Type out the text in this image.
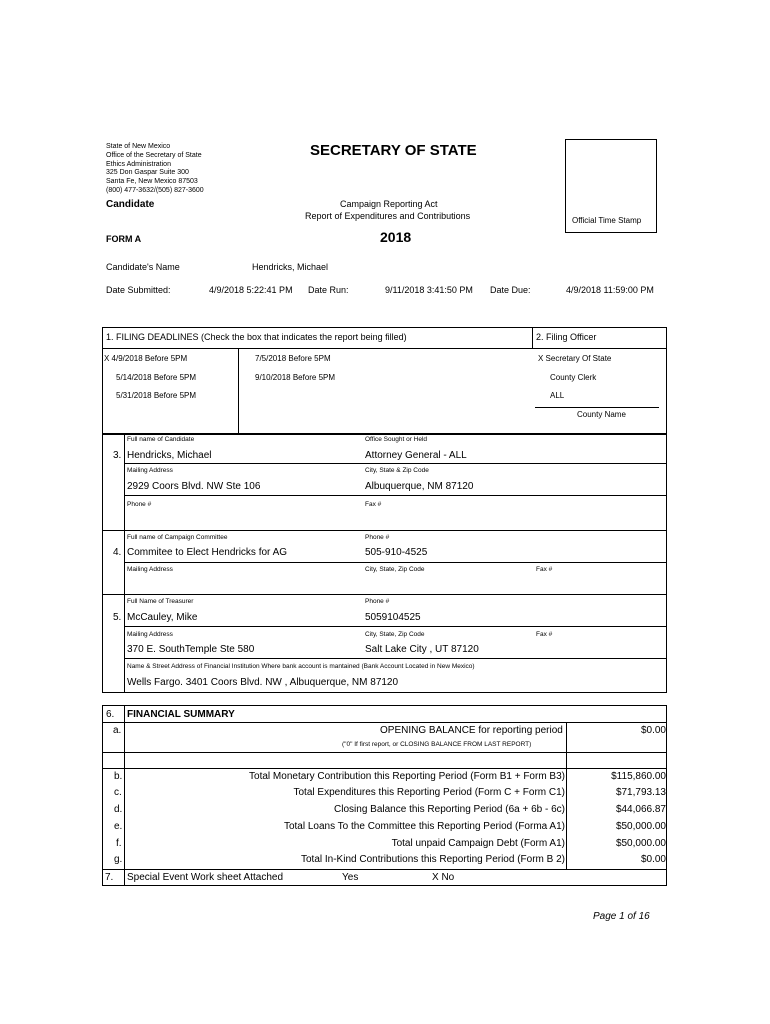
State of New Mexico
Office of the Secretary of State
Ethics Administration
325 Don Gaspar Suite 300
Santa Fe, New Mexico 87503
(800) 477-3632/(505) 827-3600
SECRETARY OF STATE
Candidate	Campaign Reporting Act
Report of Expenditures and Contributions
FORM A	2018
Official Time Stamp
Candidate's Name	Hendricks, Michael
Date Submitted:	4/9/2018 5:22:41 PM Date Run:	9/11/2018 3:41:50 PM Date Due:	4/9/2018 11:59:00 PM
1. FILING DEADLINES (Check the box that indicates the report being filled)	2. Filing Officer
X 4/9/2018 Before 5PM
5/14/2018 Before 5PM
5/31/2018 Before 5PM
7/5/2018 Before 5PM
9/10/2018 Before 5PM
X Secretary Of State
County Clerk
ALL
County Name
3.
Full name of Candidate
Hendricks, Michael
Office Sought or Held
Attorney General - ALL
Mailing Address
2929 Coors Blvd. NW Ste 106
City, State & Zip Code
Albuquerque, NM 87120
Phone #	Fax #
4.
Full name of Campaign Committee
Commitee to Elect Hendricks for AG
Phone #
505-910-4525
Mailing Address	City, State, Zip Code	Fax #
5.
Full Name of Treasurer
McCauley, Mike
Phone #
5059104525
Mailing Address
370 E. SouthTemple Ste 580
City, State, Zip Code
Salt Lake City , UT 87120
Fax #
Name & Street Address of Financial Institution Where bank account is mantained (Bank Account Located in New Mexico)
Wells Fargo. 3401 Coors Blvd. NW , Albuquerque, NM 87120
6. FINANCIAL SUMMARY
a.	OPENING BALANCE for reporting period	$0.00
("0" If first report, or CLOSING BALANCE FROM LAST REPORT)
b.	Total Monetary Contribution this Reporting Period (Form B1 + Form B3)	$115,860.00
c.	Total Expenditures this Reporting Period (Form C + Form C1)	$71,793.13
d.	Closing Balance this Reporting Period (6a + 6b - 6c)	$44,066.87
e.	Total Loans To the Committee this Reporting Period (Forma A1)	$50,000.00
f.	Total unpaid Campaign Debt (Form A1)	$50,000.00
g.	Total In-Kind Contributions this Reporting Period (Form B 2)	$0.00
7. Special Event Work sheet Attached	Yes	X No
Page 1 of 16
